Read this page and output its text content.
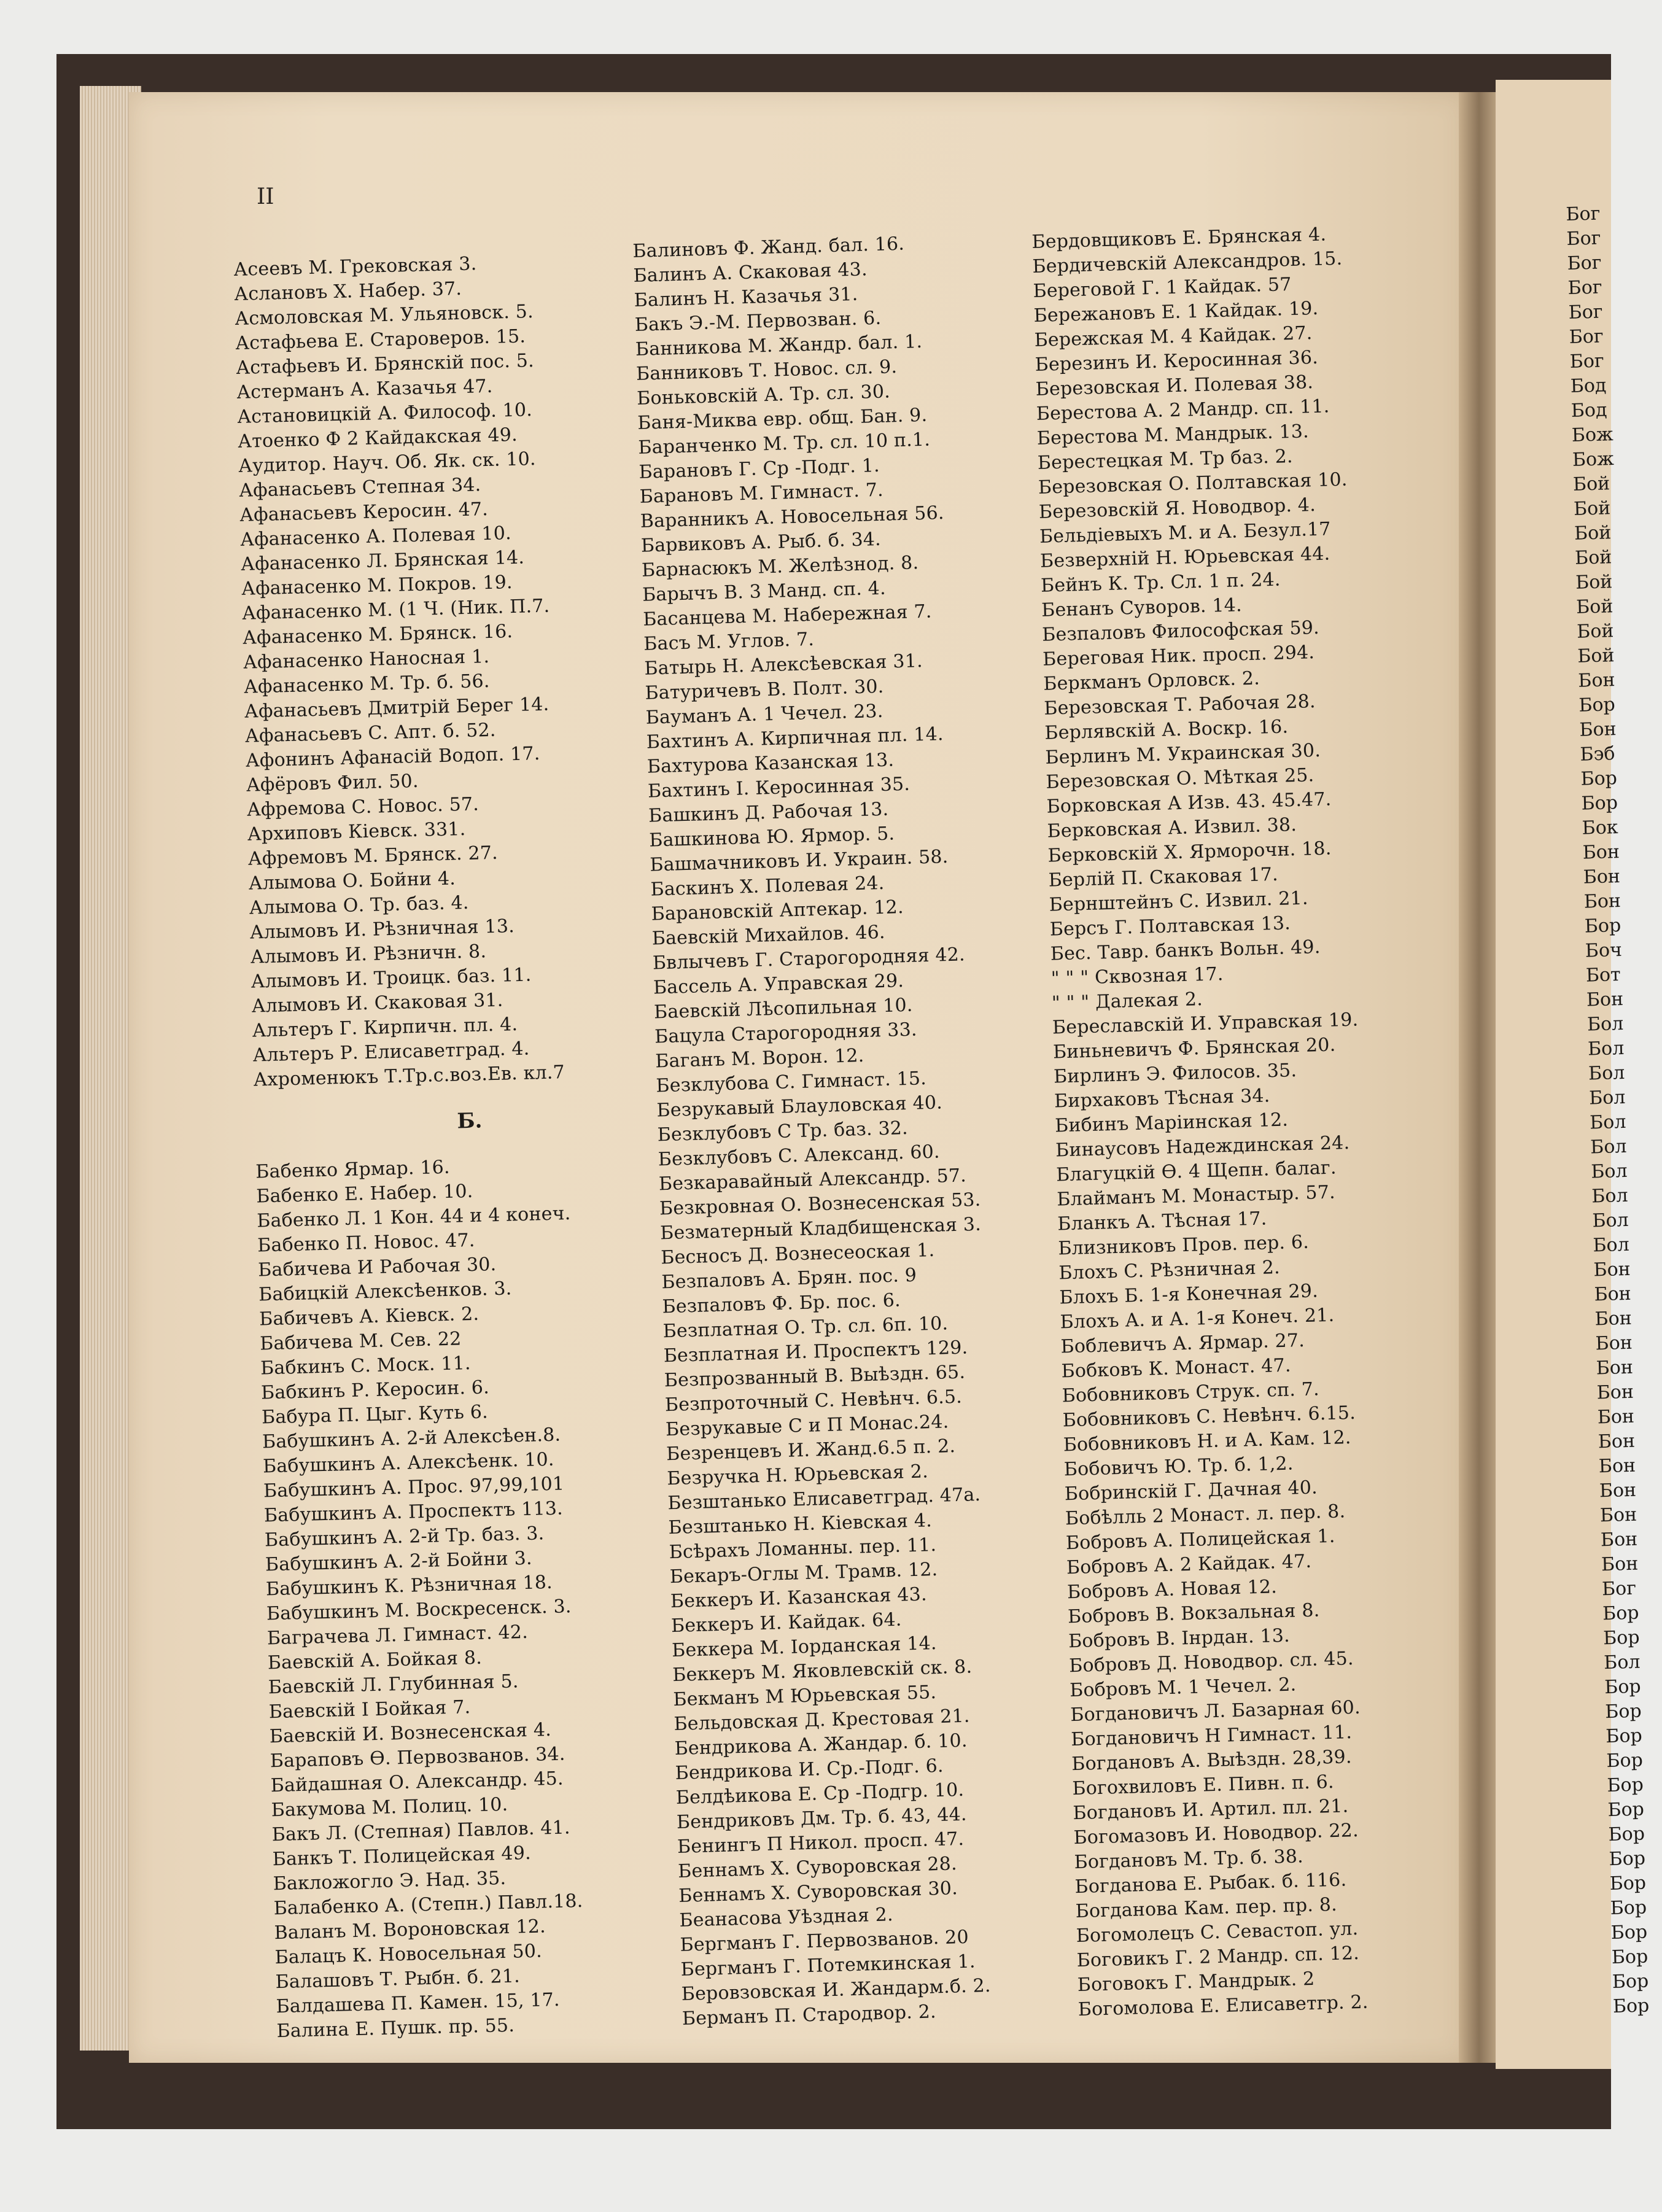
II
Асеевъ М. Грековская 3.
Аслановъ Х. Набер. 37.
Асмоловская М. Ульяновск. 5.
Астафьева Е. Староверов. 15.
Астафьевъ И. Брянскій пос. 5.
Астерманъ А. Казачья 47.
Астановицкій А. Философ. 10.
Атоенко Ф 2 Кайдакская 49.
Аудитор. Науч. Об. Як. ск. 10.
Афанасьевъ Степная 34.
Афанасьевъ Керосин. 47.
Афанасенко А. Полевая 10.
Афанасенко Л. Брянская 14.
Афанасенко М. Покров. 19.
Афанасенко М. (1 Ч. (Ник. П.7.
Афанасенко М. Брянск. 16.
Афанасенко Наносная 1.
Афанасенко М. Тр. б. 56.
Афанасьевъ Дмитрій Берег 14.
Афанасьевъ С. Апт. б. 52.
Афонинъ Афанасій Водоп. 17.
Афёровъ Фил. 50.
Афремова С. Новос. 57.
Архиповъ Кіевск. 331.
Афремовъ М. Брянск. 27.
Алымова О. Бойни 4.
Алымова О. Тр. баз. 4.
Алымовъ И. Рѣзничная 13.
Алымовъ И. Рѣзничн. 8.
Алымовъ И. Троицк. баз. 11.
Алымовъ И. Скаковая 31.
Альтеръ Г. Кирпичн. пл. 4.
Альтеръ Р. Елисаветград. 4.
Ахроменюкъ Т.Тр.с.воз.Ев. кл.7
Б.
Бабенко Ярмар. 16.
Бабенко Е. Набер. 10.
Бабенко Л. 1 Кон. 44 и 4 конеч.
Бабенко П. Новос. 47.
Бабичева И Рабочая 30.
Бабицкій Алексѣенков. 3.
Бабичевъ А. Кіевск. 2.
Бабичева М. Сев. 22
Бабкинъ С. Моск. 11.
Бабкинъ Р. Керосин. 6.
Бабура П. Цыг. Куть 6.
Бабушкинъ А. 2-й Алексѣен.8.
Бабушкинъ А. Алексѣенк. 10.
Бабушкинъ А. Прос. 97,99,101
Бабушкинъ А. Проспектъ 113.
Бабушкинъ А. 2-й Тр. баз. 3.
Бабушкинъ А. 2-й Бойни 3.
Бабушкинъ К. Рѣзничная 18.
Бабушкинъ М. Воскресенск. 3.
Баграчева Л. Гимнаст. 42.
Баевскій А. Бойкая 8.
Баевскій Л. Глубинная 5.
Баевскій I Бойкая 7.
Баевскій И. Вознесенская 4.
Бараповъ Ѳ. Первозванов. 34.
Байдашная О. Александр. 45.
Бакумова М. Полиц. 10.
Бакъ Л. (Степная) Павлов. 41.
Банкъ Т. Полицейская 49.
Бакложогло Э. Над. 35.
Балабенко А. (Степн.) Павл.18.
Валанъ М. Вороновская 12.
Балацъ К. Новосельная 50.
Балашовъ Т. Рыбн. б. 21.
Балдашева П. Камен. 15, 17.
Балина Е. Пушк. пр. 55.
Балиновъ Ф. Жанд. бал. 16.
Балинъ А. Скаковая 43.
Балинъ Н. Казачья 31.
Бакъ Э.-М. Первозван. 6.
Банникова М. Жандр. бал. 1.
Банниковъ Т. Новос. сл. 9.
Боньковскій А. Тр. сл. 30.
Баня-Миква евр. общ. Бан. 9.
Баранченко М. Тр. сл. 10 п.1.
Барановъ Г. Ср -Подг. 1.
Барановъ М. Гимнаст. 7.
Варанникъ А. Новосельная 56.
Барвиковъ А. Рыб. б. 34.
Барнасюкъ М. Желѣзнод. 8.
Барычъ В. 3 Манд. сп. 4.
Басанцева М. Набережная 7.
Басъ М. Углов. 7.
Батырь Н. Алексѣевская 31.
Батуричевъ В. Полт. 30.
Бауманъ А. 1 Чечел. 23.
Бахтинъ А. Кирпичная пл. 14.
Бахтурова Казанская 13.
Бахтинъ I. Керосинная 35.
Башкинъ Д. Рабочая 13.
Башкинова Ю. Ярмор. 5.
Башмачниковъ И. Украин. 58.
Баскинъ Х. Полевая 24.
Барановскій Аптекар. 12.
Баевскій Михайлов. 46.
Бвлычевъ Г. Старогородняя 42.
Бассель А. Управская 29.
Баевскій Лѣсопильная 10.
Бацула Старогородняя 33.
Баганъ М. Ворон. 12.
Безклубова С. Гимнаст. 15.
Безрукавый Блауловская 40.
Безклубовъ С Тр. баз. 32.
Безклубовъ С. Александ. 60.
Безкаравайный Александр. 57.
Безкровная О. Вознесенская 53.
Безматерный Кладбищенская 3.
Бесносъ Д. Вознесеоская 1.
Безпаловъ А. Брян. пос. 9
Безпаловъ Ф. Бр. пос. 6.
Безплатная О. Тр. сл. 6п. 10.
Безплатная И. Проспектъ 129.
Безпрозванный В. Выѣздн. 65.
Безпроточный С. Невѣнч. 6.5.
Безрукавые С и П Монас.24.
Безренцевъ И. Жанд.6.5 п. 2.
Безручка Н. Юрьевская 2.
Безштанько Елисаветград. 47а.
Безштанько Н. Кіевская 4.
Бсѣрахъ Ломанны. пер. 11.
Бекаръ-Оглы М. Трамв. 12.
Беккеръ И. Казанская 43.
Беккеръ И. Кайдак. 64.
Беккера М. Іорданская 14.
Беккеръ М. Яковлевскій ск. 8.
Бекманъ М Юрьевская 55.
Бельдовская Д. Крестовая 21.
Бендрикова А. Жандар. б. 10.
Бендрикова И. Ср.-Подг. 6.
Белдѣикова Е. Ср -Подгр. 10.
Бендриковъ Дм. Тр. б. 43, 44.
Бенингъ П Никол. просп. 47.
Беннамъ Х. Суворовская 28.
Беннамъ Х. Суворовская 30.
Беанасова Уѣздная 2.
Бергманъ Г. Первозванов. 20
Бергманъ Г. Потемкинская 1.
Беровзовская И. Жандарм.б. 2.
Берманъ П. Стародвор. 2.
Бердовщиковъ Е. Брянская 4.
Бердичевскій Александров. 15.
Береговой Г. 1 Кайдак. 57
Бережановъ Е. 1 Кайдак. 19.
Бережская М. 4 Кайдак. 27.
Березинъ И. Керосинная 36.
Березовская И. Полевая 38.
Берестова А. 2 Мандр. сп. 11.
Берестова М. Мандрык. 13.
Берестецкая М. Тр баз. 2.
Березовская О. Полтавская 10.
Березовскій Я. Новодвор. 4.
Бельдіевыхъ М. и А. Безул.17
Безверхній Н. Юрьевская 44.
Бейнъ К. Тр. Сл. 1 п. 24.
Бенанъ Суворов. 14.
Безпаловъ Философская 59.
Береговая Ник. просп. 294.
Беркманъ Орловск. 2.
Березовская Т. Рабочая 28.
Берлявскій А. Воскр. 16.
Берлинъ М. Украинская 30.
Березовская О. Мѣткая 25.
Борковская А Изв. 43. 45.47.
Берковская А. Извил. 38.
Берковскій Х. Ярморочн. 18.
Берлій П. Скаковая 17.
Бернштейнъ С. Извил. 21.
Берсъ Г. Полтавская 13.
Бес. Тавр. банкъ Вольн. 49.
" " " Сквозная 17.
" " " Далекая 2.
Береславскій И. Управская 19.
Биньневичъ Ф. Брянская 20.
Бирлинъ Э. Филосов. 35.
Бирхаковъ Тѣсная 34.
Бибинъ Маріинская 12.
Бинаусовъ Надеждинская 24.
Благуцкій Ѳ. 4 Щепн. балаг.
Блайманъ М. Монастыр. 57.
Бланкъ А. Тѣсная 17.
Близниковъ Пров. пер. 6.
Блохъ С. Рѣзничная 2.
Блохъ Б. 1-я Конечная 29.
Блохъ А. и А. 1-я Конеч. 21.
Боблевичъ А. Ярмар. 27.
Бобковъ К. Монаст. 47.
Бобовниковъ Струк. сп. 7.
Бобовниковъ С. Невѣнч. 6.15.
Бобовниковъ Н. и А. Кам. 12.
Бобовичъ Ю. Тр. б. 1,2.
Бобринскій Г. Дачная 40.
Бобѣлль 2 Монаст. л. пер. 8.
Бобровъ А. Полицейская 1.
Бобровъ А. 2 Кайдак. 47.
Бобровъ А. Новая 12.
Бобровъ В. Вокзальная 8.
Бобровъ В. Інрдан. 13.
Бобровъ Д. Новодвор. сл. 45.
Бобровъ М. 1 Чечел. 2.
Богдановичъ Л. Базарная 60.
Богдановичъ Н Гимнаст. 11.
Богдановъ А. Выѣздн. 28,39.
Богохвиловъ Е. Пивн. п. 6.
Богдановъ И. Артил. пл. 21.
Богомазовъ И. Новодвор. 22.
Богдановъ М. Тр. б. 38.
Богданова Е. Рыбак. б. 116.
Богданова Кам. пер. пр. 8.
Богомолецъ С. Севастоп. ул.
Боговикъ Г. 2 Мандр. сп. 12.
Боговокъ Г. Мандрык. 2
Богомолова Е. Елисаветгр. 2.
Бог
Бог
Бог
Бог
Бог
Бог
Бог
Бод
Бод
Бож
Бож
Бой
Бой
Бой
Бой
Бой
Бой
Бой
Бой
Бон
Бор
Бон
Бэб
Бор
Бор
Бок
Бон
Бон
Бон
Бор
Боч
Бот
Бон
Бол
Бол
Бол
Бол
Бол
Бол
Бол
Бол
Бол
Бол
Бон
Бон
Бон
Бон
Бон
Бон
Бон
Бон
Бон
Бон
Бон
Бон
Бон
Бог
Бор
Бор
Бол
Бор
Бор
Бор
Бор
Бор
Бор
Бор
Бор
Бор
Бор
Бор
Бор
Бор
Бор
